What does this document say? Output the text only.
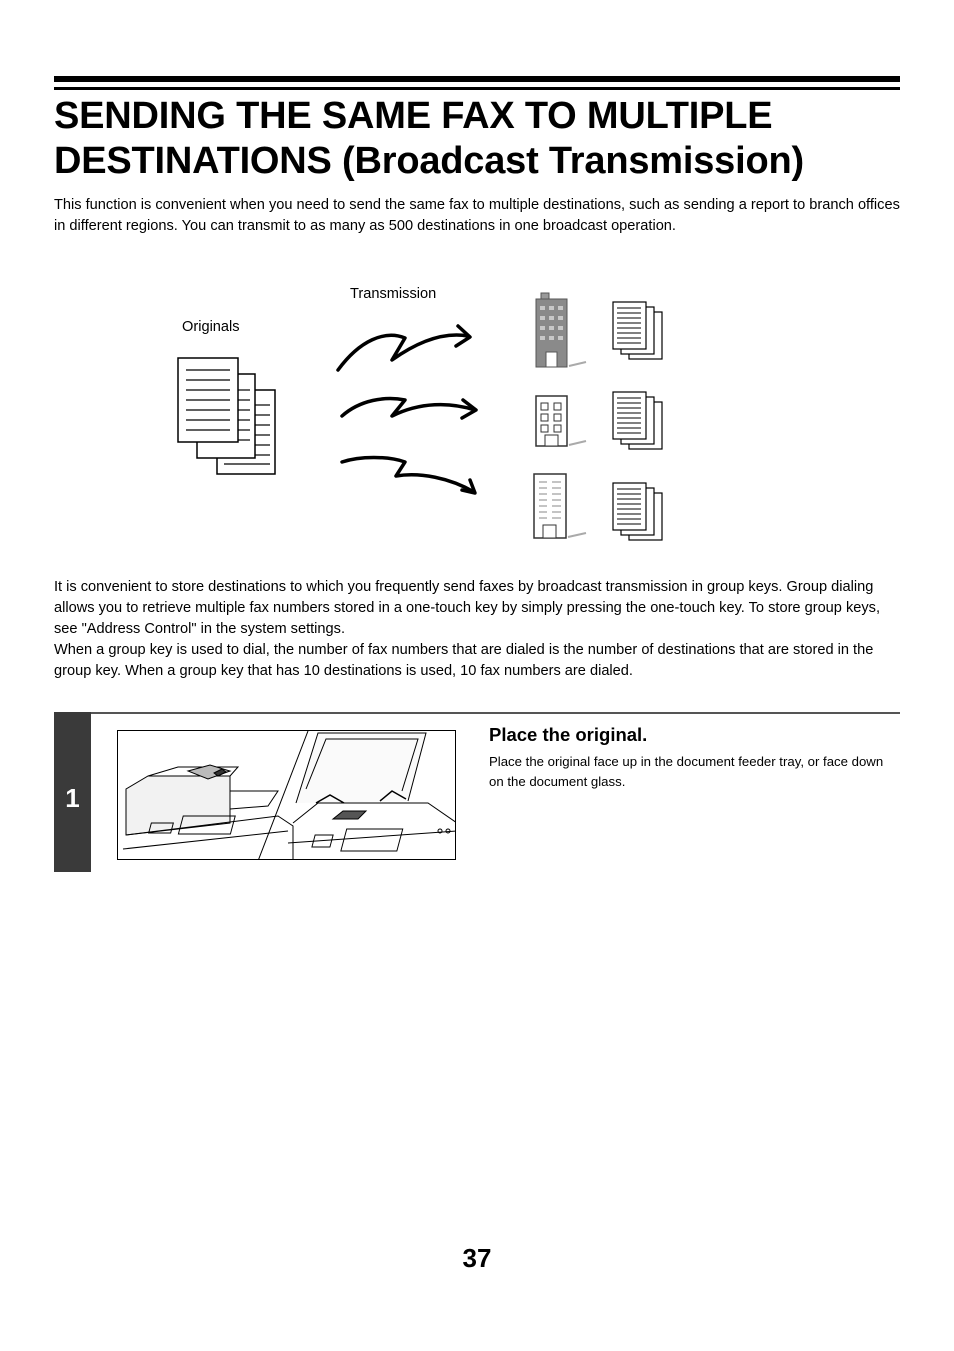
SENDING THE SAME FAX TO MULTIPLE
DESTINATIONS (Broadcast Transmission)

This function is convenient when you need to send the same fax to multiple destinations, such as sending a report to branch offices in different regions. You can transmit to as many as 500 destinations in one broadcast operation.

Transmission
Originals

It is convenient to store destinations to which you frequently send faxes by broadcast transmission in group keys. Group dialing allows you to retrieve multiple fax numbers stored in a one-touch key by simply pressing the one-touch key. To store group keys, see "Address Control" in the system settings.

When a group key is used to dial, the number of fax numbers that are dialed is the number of destinations that are stored in the group key. When a group key that has 10 destinations is used, 10 fax numbers are dialed.

1
Place the original.

Place the original face up in the document feeder tray, or face down on the document glass.

37
